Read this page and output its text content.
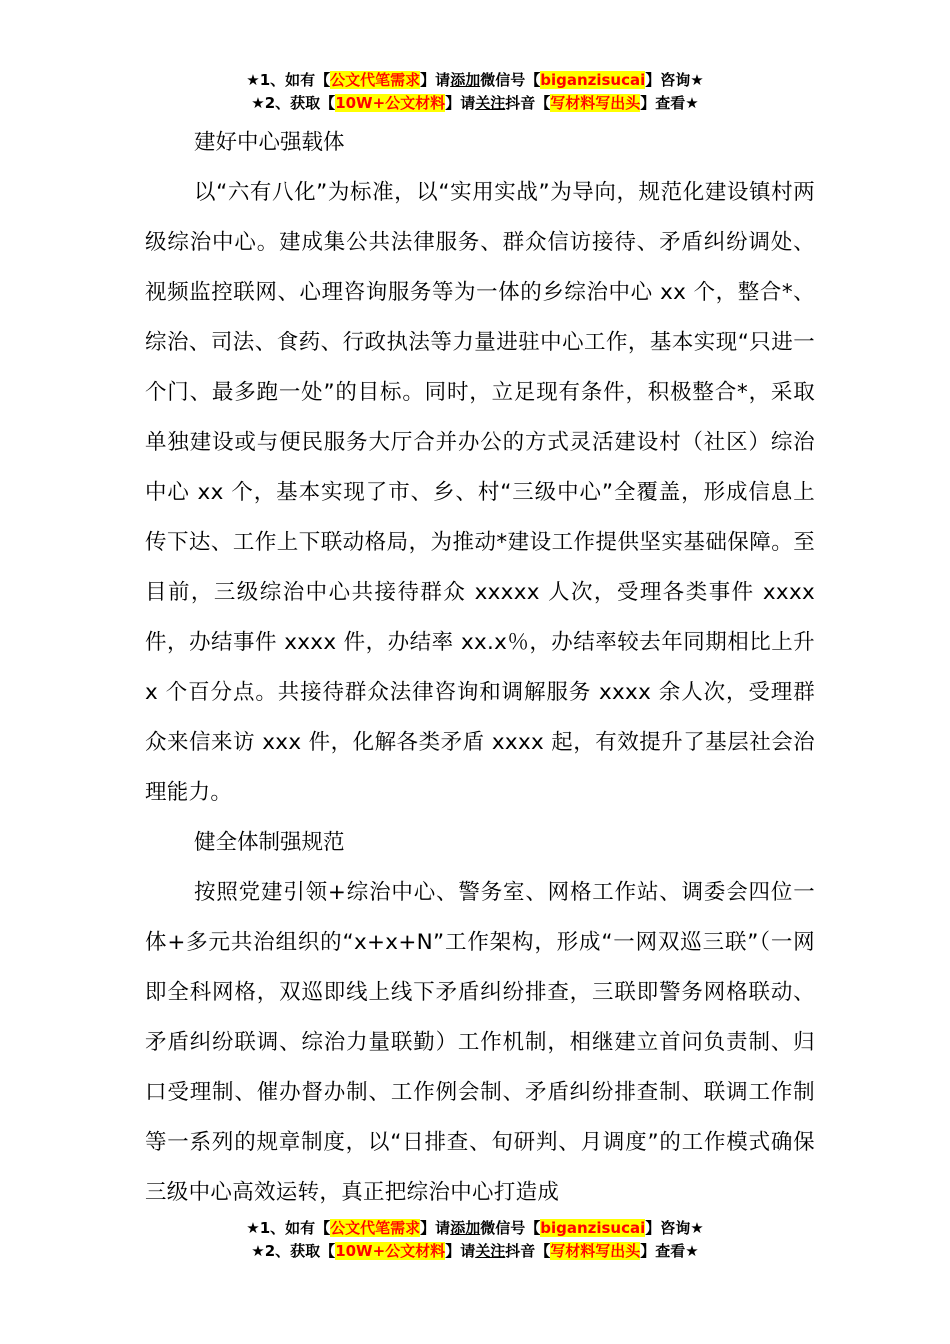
★1、如有【公文代笔需求】请添加微信号【biganzisucai】咨询★
★2、获取【10W+公文材料】请关注抖音【写材料写出头】查看★

建好中心强载体

以“六有八化”为标准，以“实用实战”为导向，规范化建设镇村两级综治中心。建成集公共法律服务、群众信访接待、矛盾纠纷调处、视频监控联网、心理咨询服务等为一体的乡综治中心 xx 个，整合*、综治、司法、食药、行政执法等力量进驻中心工作，基本实现“只进一个门、最多跑一处”的目标。同时，立足现有条件，积极整合*，采取单独建设或与便民服务大厅合并办公的方式灵活建设村（社区）综治中心 xx 个，基本实现了市、乡、村“三级中心”全覆盖，形成信息上传下达、工作上下联动格局，为推动*建设工作提供坚实基础保障。至目前，三级综治中心共接待群众 xxxxx 人次，受理各类事件 xxxx 件，办结事件 xxxx 件，办结率 xx.x％，办结率较去年同期相比上升 x 个百分点。共接待群众法律咨询和调解服务 xxxx 余人次，受理群众来信来访 xxx 件，化解各类矛盾 xxxx 起，有效提升了基层社会治理能力。

健全体制强规范

按照党建引领+综治中心、警务室、网格工作站、调委会四位一体+多元共治组织的“x+x+N”工作架构，形成“一网双巡三联”（一网即全科网格，双巡即线上线下矛盾纠纷排查，三联即警务网格联动、矛盾纠纷联调、综治力量联勤）工作机制，相继建立首问负责制、归口受理制、催办督办制、工作例会制、矛盾纠纷排查制、联调工作制等一系列的规章制度，以“日排查、旬研判、月调度”的工作模式确保三级中心高效运转，真正把综治中心打造成

★1、如有【公文代笔需求】请添加微信号【biganzisucai】咨询★
★2、获取【10W+公文材料】请关注抖音【写材料写出头】查看★
